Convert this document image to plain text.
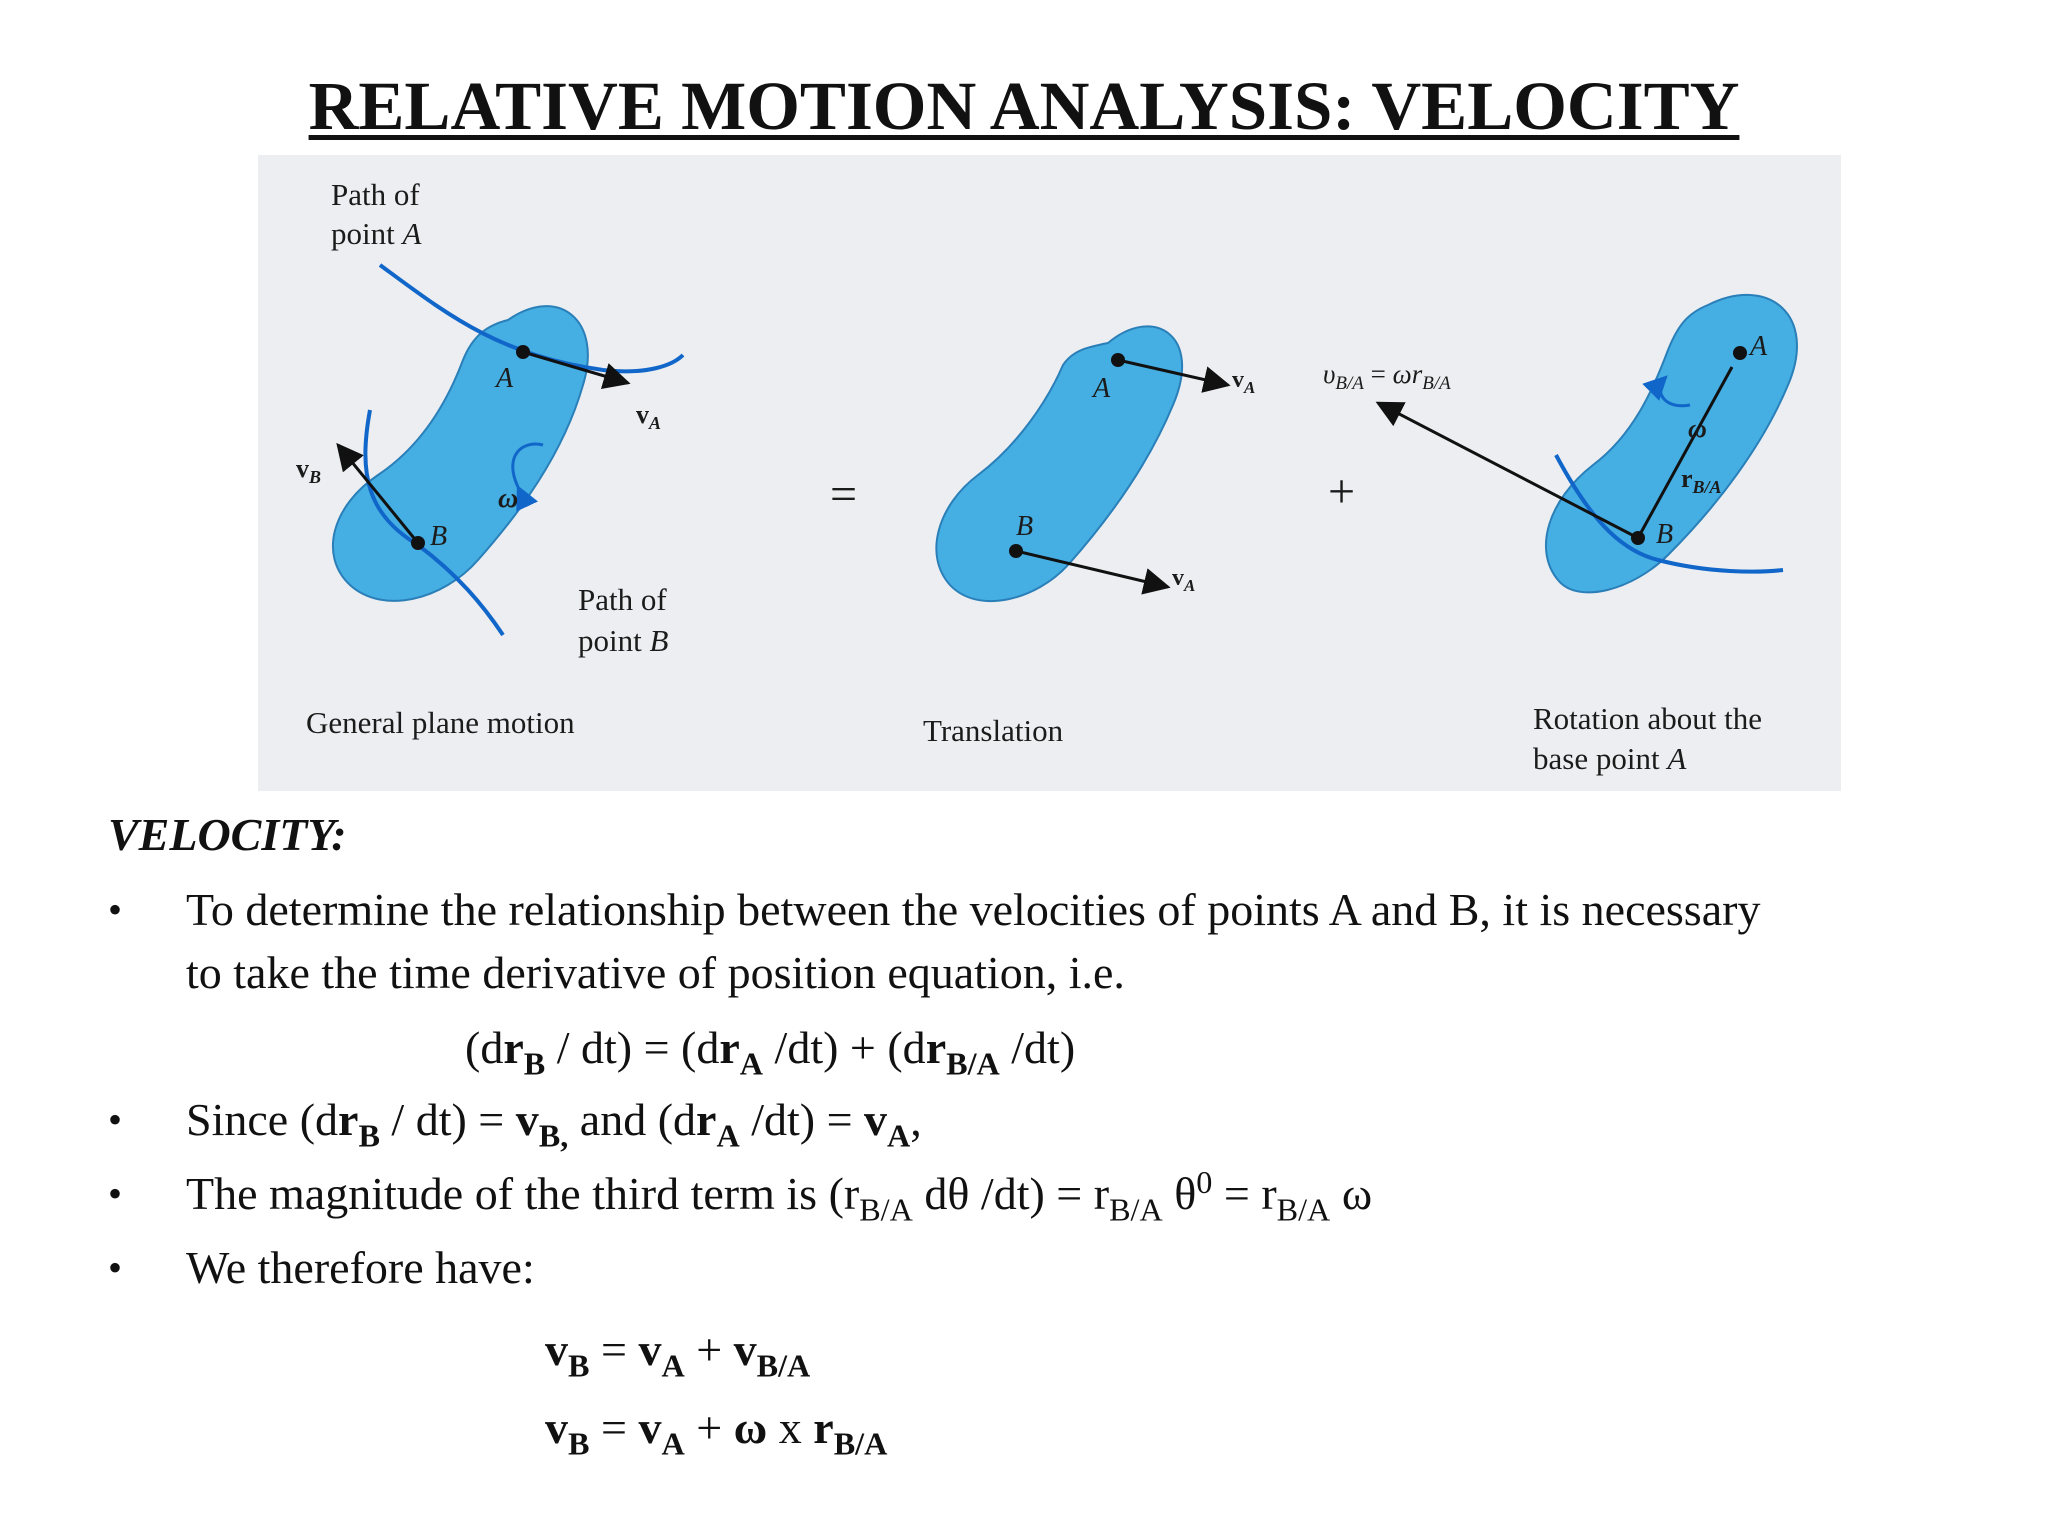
RELATIVE MOTION ANALYSIS: VELOCITY
Path of
point A
A
$v_A$
B
$v_B$
ω
Path of
point B
General plane motion
=
A	$v_A$
B
$v_A$
Translation
+
$\upsilon_{B/A} = \omega r_{B/A}$
A
B
ω
$r_{B/A}$
Rotation about the
base point A
VELOCITY:
• To determine the relationship between the velocities of points A and B, it is necessary
to take the time derivative of position equation, i.e.
$(dr_B / dt) = (dr_A$ $/dt) + (dr_{B/A}$ /dt)
• Since $(dr_B / dt) = v_{B,}$ and ($dr_A$ $/dt) = v_A$,
• The magnitude of the third term is ($r_{B/A}$ dθ $/dt) = r_{B/A}$ $\theta^0 = r_{B/A}$ ω
• We therefore have:
$v_B = v_A + v_{B/A}$
$v_B = v_A + \omega$ x $r_{B/A}$
